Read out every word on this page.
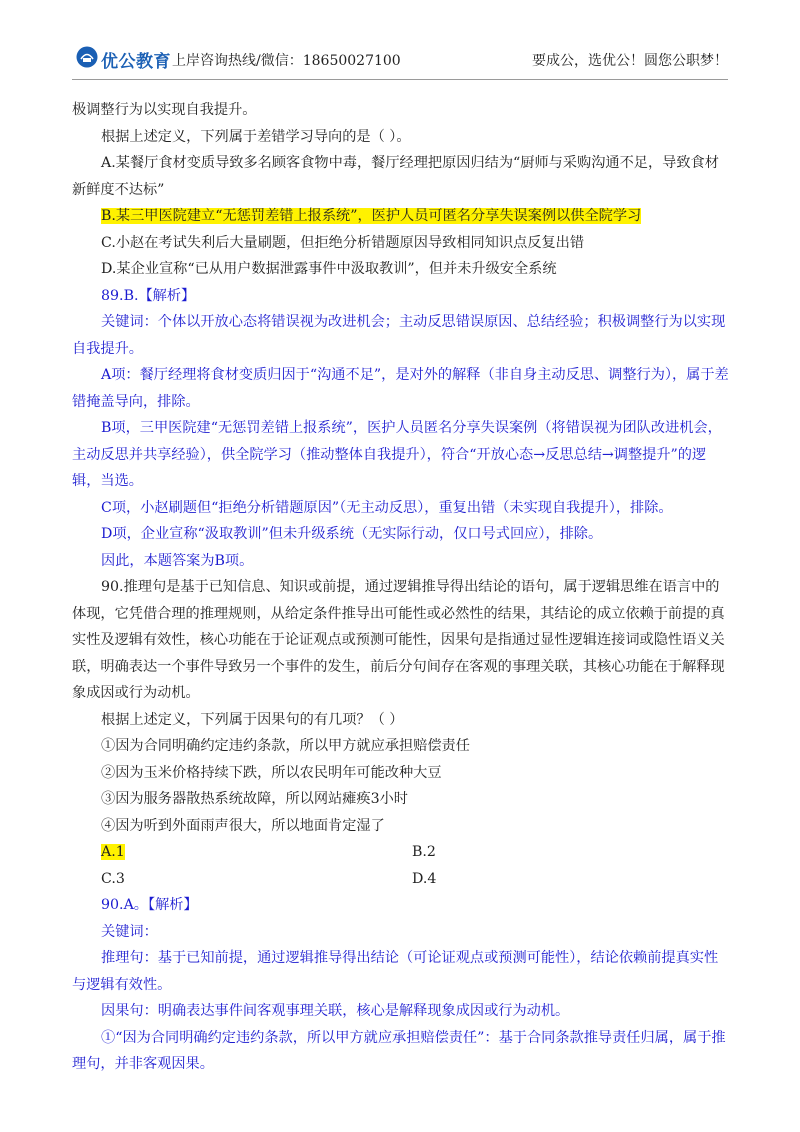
优公教育 上岸咨询热线/微信：18650027100	要成公，选优公！圆您公职梦！

极调整行为以实现自我提升。

根据上述定义，下列属于差错学习导向的是（ ）。

A.某餐厅食材变质导致多名顾客食物中毒，餐厅经理把原因归结为“厨师与采购沟通不足，导致食材新鲜度不达标”

B.某三甲医院建立“无惩罚差错上报系统”，医护人员可匿名分享失误案例以供全院学习

C.小赵在考试失利后大量刷题，但拒绝分析错题原因导致相同知识点反复出错

D.某企业宣称“已从用户数据泄露事件中汲取教训”，但并未升级安全系统

89.B.【解析】

关键词：个体以开放心态将错误视为改进机会；主动反思错误原因、总结经验；积极调整行为以实现自我提升。

A项：餐厅经理将食材变质归因于“沟通不足”，是对外的解释（非自身主动反思、调整行为），属于差错掩盖导向，排除。

B项，三甲医院建“无惩罚差错上报系统”，医护人员匿名分享失误案例（将错误视为团队改进机会，主动反思并共享经验），供全院学习（推动整体自我提升），符合“开放心态→反思总结→调整提升”的逻辑，当选。

C项，小赵刷题但“拒绝分析错题原因”（无主动反思），重复出错（未实现自我提升），排除。

D项，企业宣称“汲取教训”但未升级系统（无实际行动，仅口号式回应），排除。

因此，本题答案为B项。

90.推理句是基于已知信息、知识或前提，通过逻辑推导得出结论的语句，属于逻辑思维在语言中的体现，它凭借合理的推理规则，从给定条件推导出可能性或必然性的结果，其结论的成立依赖于前提的真实性及逻辑有效性，核心功能在于论证观点或预测可能性，因果句是指通过显性逻辑连接词或隐性语义关联，明确表达一个事件导致另一个事件的发生，前后分句间存在客观的事理关联，其核心功能在于解释现象成因或行为动机。

根据上述定义，下列属于因果句的有几项？（ ）

①因为合同明确约定违约条款，所以甲方就应承担赔偿责任

②因为玉米价格持续下跌，所以农民明年可能改种大豆

③因为服务器散热系统故障，所以网站瘫痪3小时

④因为听到外面雨声很大，所以地面肯定湿了

A.1	B.2
C.3	D.4

90.A。【解析】

关键词：

推理句：基于已知前提，通过逻辑推导得出结论（可论证观点或预测可能性），结论依赖前提真实性与逻辑有效性。

因果句：明确表达事件间客观事理关联，核心是解释现象成因或行为动机。

①“因为合同明确约定违约条款，所以甲方就应承担赔偿责任”：基于合同条款推导责任归属，属于推理句，并非客观因果。
